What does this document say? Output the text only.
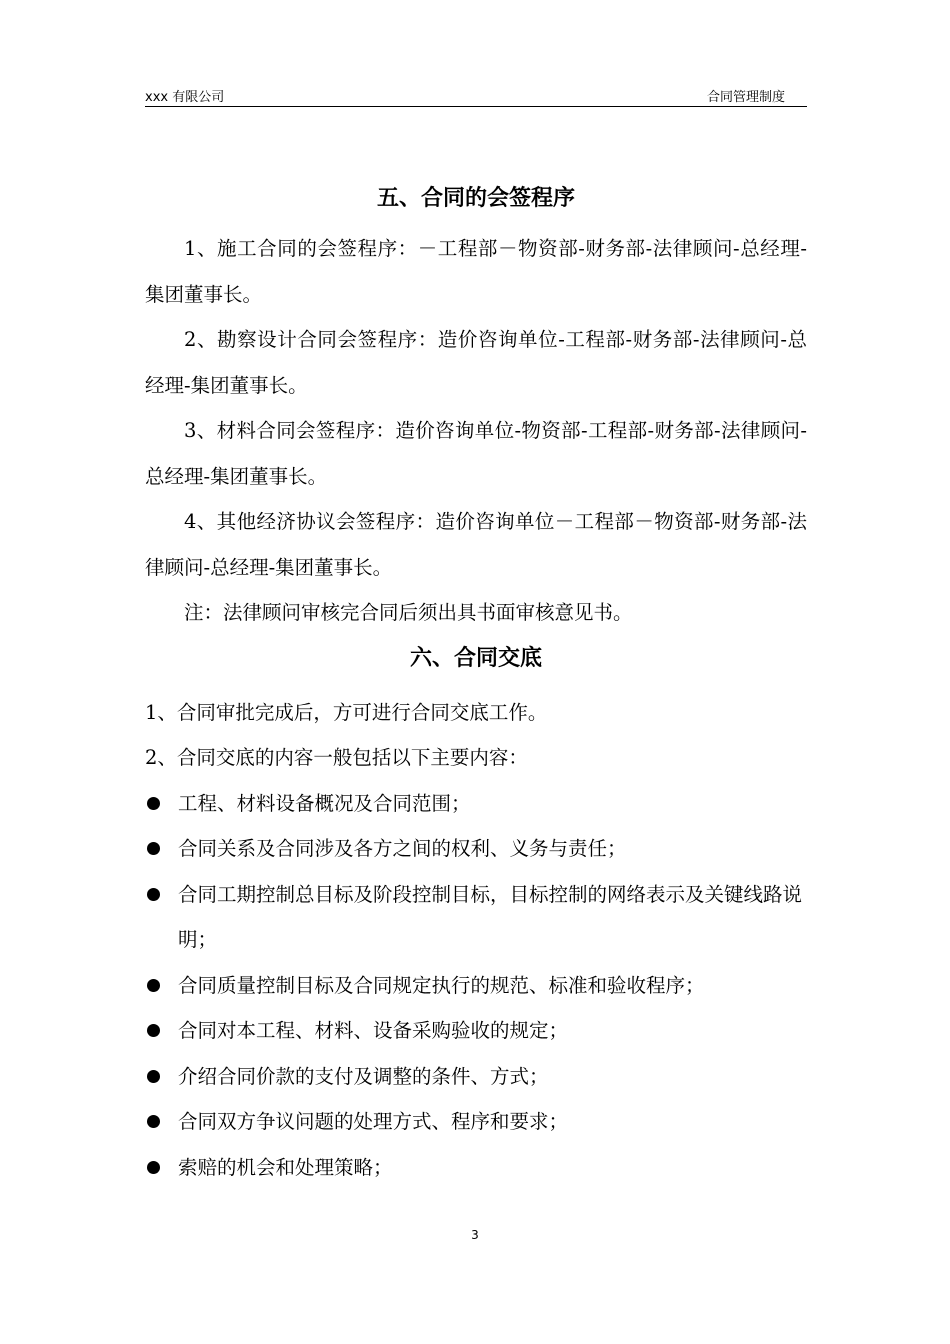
xxx 有限公司	合同管理制度
五、合同的会签程序

1、施工合同的会签程序：－工程部－物资部-财务部-法律顾问-总经理-集团董事长。

2、勘察设计合同会签程序：造价咨询单位-工程部-财务部-法律顾问-总经理-集团董事长。

3、材料合同会签程序：造价咨询单位-物资部-工程部-财务部-法律顾问-总经理-集团董事长。

4、其他经济协议会签程序：造价咨询单位－工程部－物资部-财务部-法律顾问-总经理-集团董事长。

注：法律顾问审核完合同后须出具书面审核意见书。

六、合同交底

1、合同审批完成后，方可进行合同交底工作。

2、合同交底的内容一般包括以下主要内容：

工程、材料设备概况及合同范围；
合同关系及合同涉及各方之间的权利、义务与责任；
合同工期控制总目标及阶段控制目标，目标控制的网络表示及关键线路说明；
合同质量控制目标及合同规定执行的规范、标准和验收程序；
合同对本工程、材料、设备采购验收的规定；
介绍合同价款的支付及调整的条件、方式；
合同双方争议问题的处理方式、程序和要求；
索赔的机会和处理策略；
3
